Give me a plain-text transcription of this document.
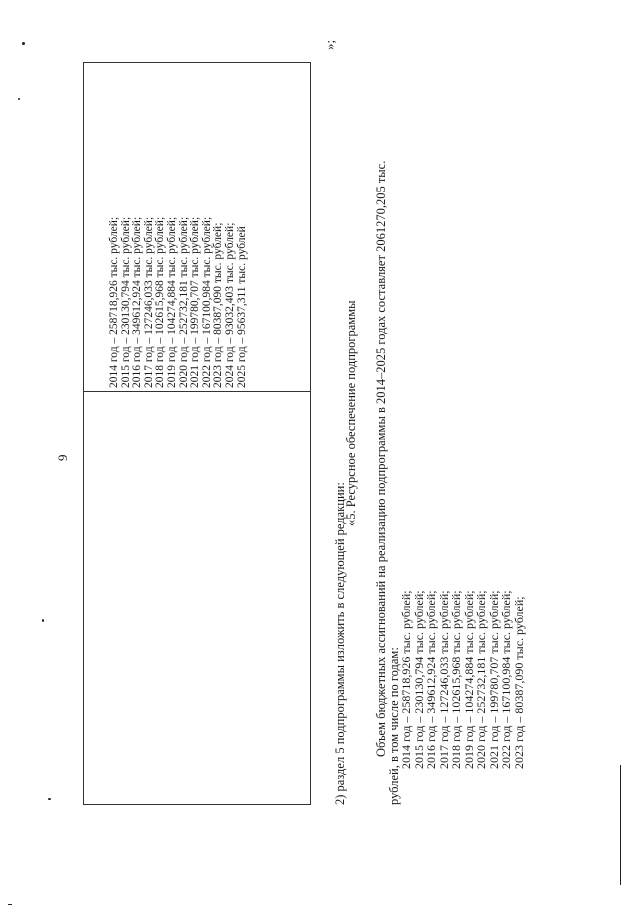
9
2014 год – 258718,926 тыс. рублей; 2015 год – 230130,794 тыс. рублей; 2016 год – 349612,924 тыс. рублей; 2017 год – 127246,033 тыс. рублей; 2018 год – 102615,968 тыс. рублей; 2019 год – 104274,884 тыс. рублей; 2020 год – 252732,181 тыс. рублей; 2021 год – 199780,707 тыс. рублей; 2022 год – 167100,984 тыс. рублей; 2023 год – 80387,090 тыс. рублей; 2024 год – 93032,403 тыс. рублей; 2025 год – 95637,311 тыс. рублей
»;
2) раздел 5 подпрограммы изложить в следующей редакции:
«5. Ресурсное обеспечение подпрограммы Объем бюджетных ассигнований на реализацию подпрограммы в 2014–2025 годах составляет 2061270,205 тыс.
рублей, в том числе по годам:
2014 год – 258718,926 тыс. рублей;
2015 год – 230130,794 тыс. рублей;
2016 год – 349612,924 тыс. рублей;
2017 год – 127246,033 тыс. рублей;
2018 год – 102615,968 тыс. рублей;
2019 год – 104274,884 тыс. рублей;
2020 год – 252732,181 тыс. рублей;
2021 год – 199780,707 тыс. рублей;
2022 год – 167100,984 тыс. рублей;
2023 год – 80387,090 тыс. рублей;
